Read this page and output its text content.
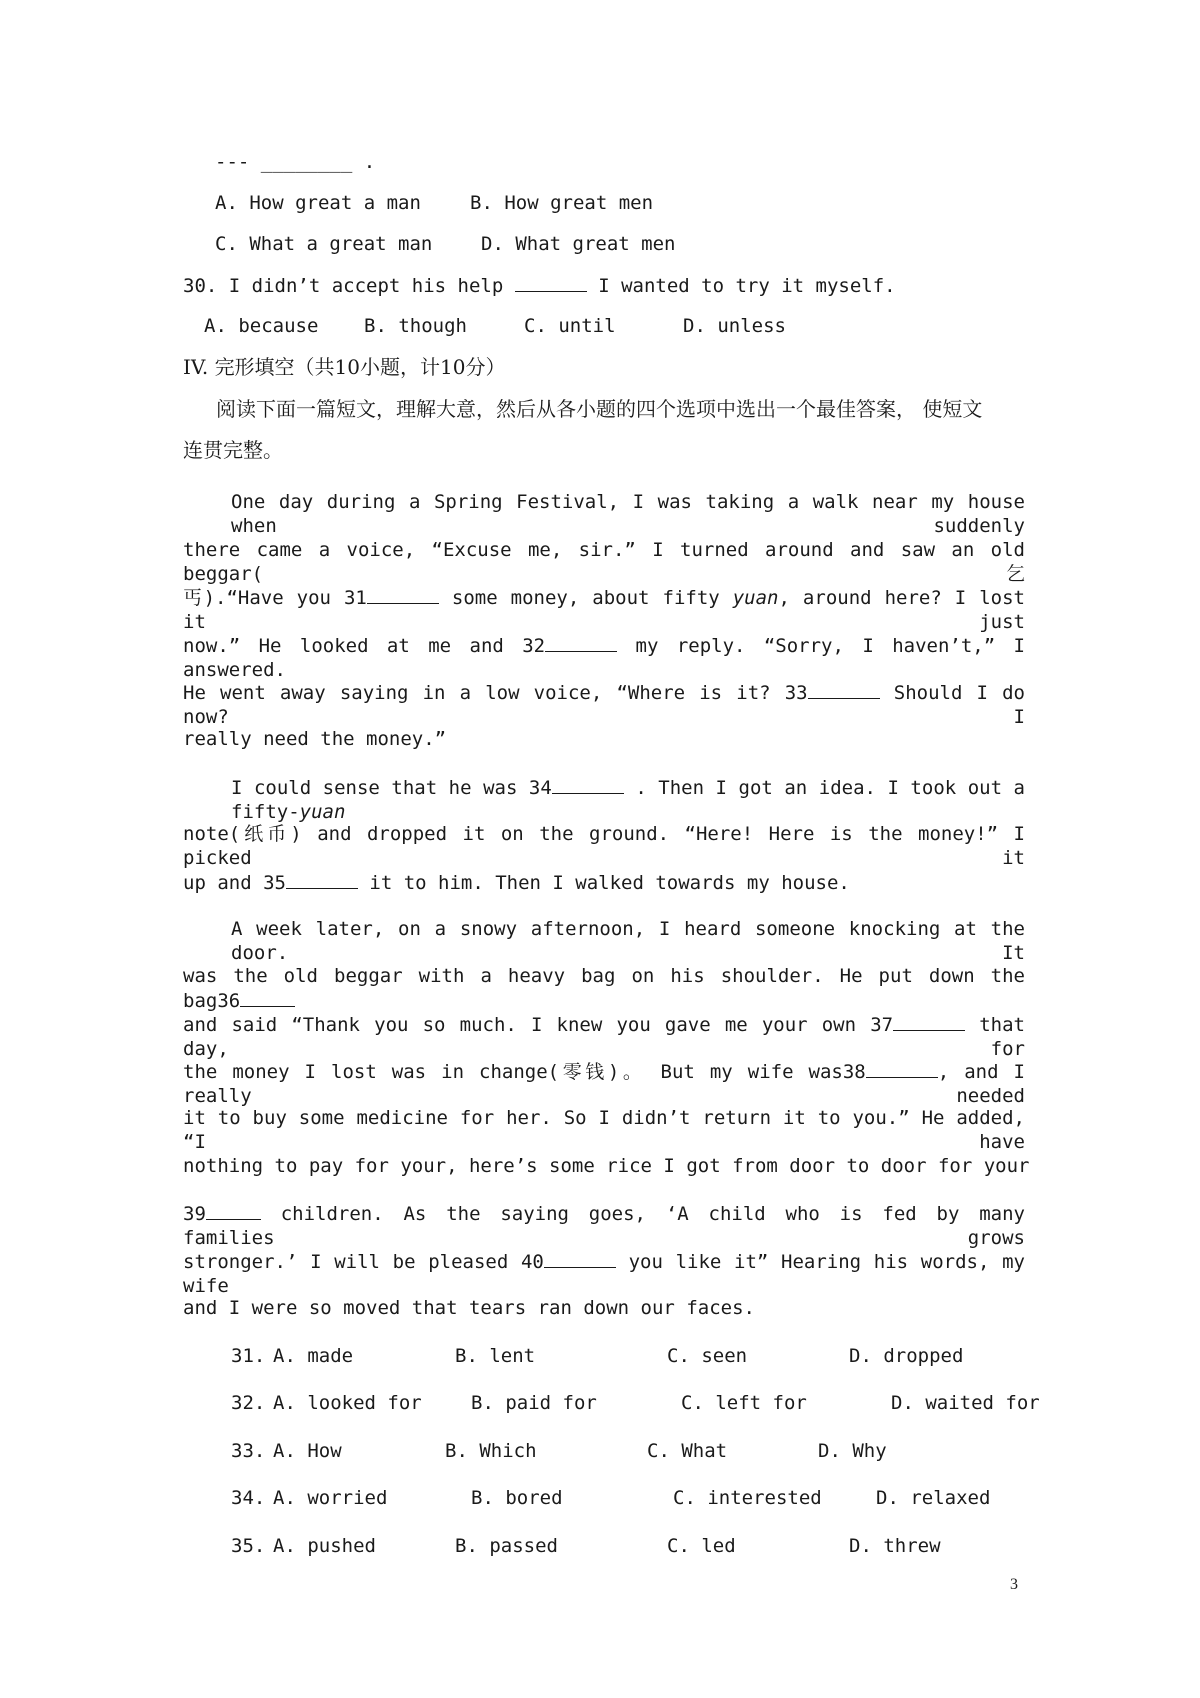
--- ________ .
A. How great a man	B. How great men
C. What a great man	D. What great men
30. I didn’t accept his help	I wanted to try it myself.
A. because B. though	C. until	D. unless
IV. 完形填空（共10小题，计10分）
阅读下面一篇短文，理解大意，然后从各小题的四个选项中选出一个最佳答案， 使短文
连贯完整。
One day during a Spring Festival, I was taking a walk near my house when suddenly
there came a voice, “Excuse me, sir.” I turned around and saw an old beggar(乞
丐).“Have you 31	some money, about fifty yuan, around here? I lost it just
now.” He looked at me and 32	my reply. “Sorry, I haven’t,” I answered.
He went away saying in a low voice, “Where is it? 33	Should I do now? I
really need the money.”
I could sense that he was 34	. Then I got an idea. I took out a fifty-yuan
note(纸币) and dropped it on the ground. “Here! Here is the money!” I picked it
up and 35	it to him. Then I walked towards my house.
A week later, on a snowy afternoon, I heard someone knocking at the door. It
was the old beggar with a heavy bag on his shoulder. He put down the bag36
and said “Thank you so much. I knew you gave me your own 37	that day, for
the money I lost was in change(零钱)。 But my wife was38	, and I really needed
it to buy some medicine for her. So I didn’t return it to you.” He added, “I have
nothing to pay for your, here’s some rice I got from door to door for your
39	children. As the saying goes, ‘A child who is fed by many families grows
stronger.’ I will be pleased 40	you like it” Hearing his words, my wife
and I were so moved that tears ran down our faces.
31. A. made	B. lent	C. seen	D. dropped
32. A. looked for	B. paid for	C. left for	D. waited for
33. A. How	B. Which	C. What	D. Why
34. A. worried	B. bored	C. interested	D. relaxed
35. A. pushed	B. passed	C. led	D. threw
3
